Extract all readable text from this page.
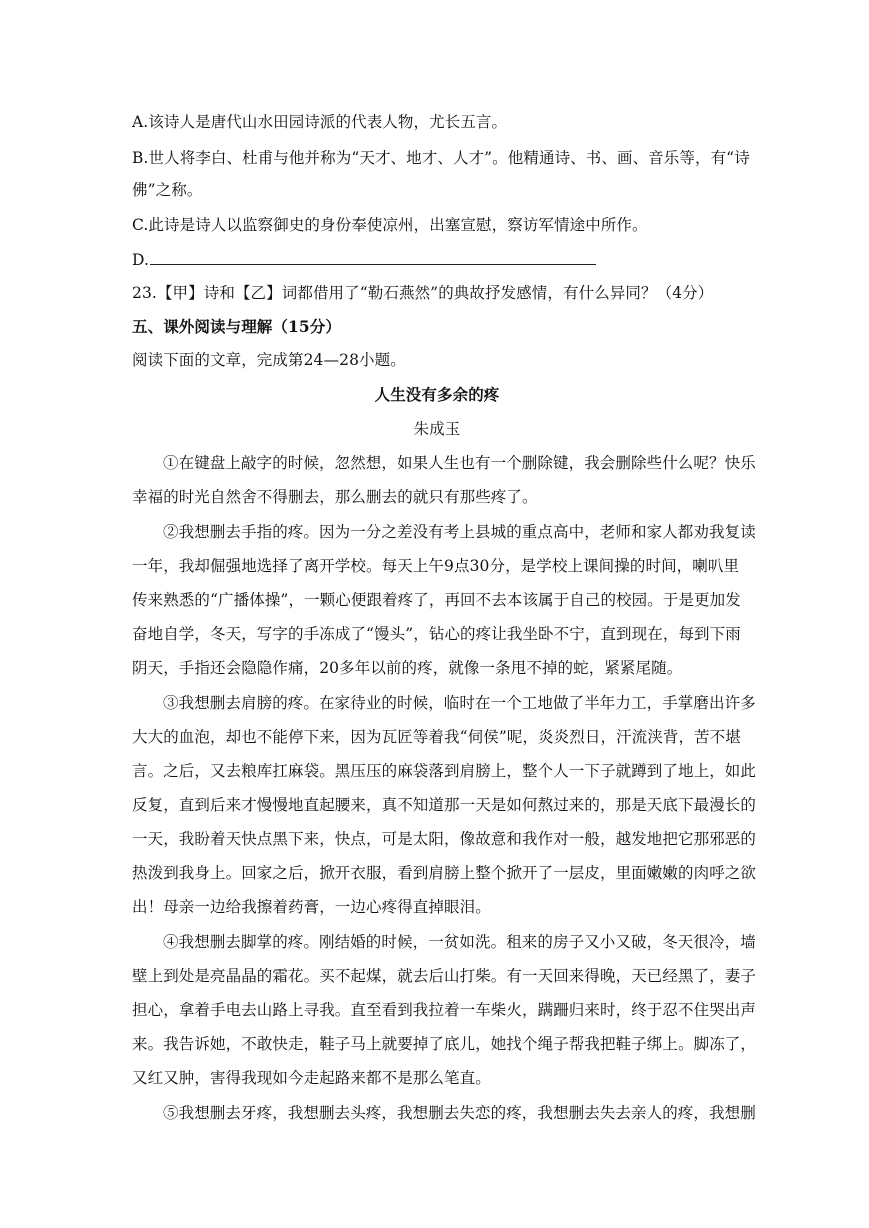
A.该诗人是唐代山水田园诗派的代表人物，尤长五言。
B.世人将李白、杜甫与他并称为“天才、地才、人才”。他精通诗、书、画、音乐等，有“诗
佛”之称。
C.此诗是诗人以监察御史的身份奉使凉州，出塞宣慰，察访军情途中所作。
D.
23.【甲】诗和【乙】词都借用了“勒石燕然”的典故抒发感情，有什么异同？（4分）
五、课外阅读与理解（15分）
阅读下面的文章，完成第24—28小题。
人生没有多余的疼
朱成玉
①在键盘上敲字的时候，忽然想，如果人生也有一个删除键，我会删除些什么呢？快乐
幸福的时光自然舍不得删去，那么删去的就只有那些疼了。
②我想删去手指的疼。因为一分之差没有考上县城的重点高中，老师和家人都劝我复读
一年，我却倔强地选择了离开学校。每天上午9点30分，是学校上课间操的时间，喇叭里
传来熟悉的“广播体操”，一颗心便跟着疼了，再回不去本该属于自己的校园。于是更加发
奋地自学，冬天，写字的手冻成了“馒头”，钻心的疼让我坐卧不宁，直到现在，每到下雨
阴天，手指还会隐隐作痛，20多年以前的疼，就像一条甩不掉的蛇，紧紧尾随。
③我想删去肩膀的疼。在家待业的时候，临时在一个工地做了半年力工，手掌磨出许多
大大的血泡，却也不能停下来，因为瓦匠等着我“伺侯”呢，炎炎烈日，汗流浃背，苦不堪
言。之后，又去粮库扛麻袋。黑压压的麻袋落到肩膀上，整个人一下子就蹲到了地上，如此
反复，直到后来才慢慢地直起腰来，真不知道那一天是如何熬过来的，那是天底下最漫长的
一天，我盼着天快点黑下来，快点，可是太阳，像故意和我作对一般，越发地把它那邪恶的
热泼到我身上。回家之后，掀开衣服，看到肩膀上整个掀开了一层皮，里面嫩嫩的肉呼之欲
出！母亲一边给我擦着药膏，一边心疼得直掉眼泪。
④我想删去脚掌的疼。刚结婚的时候，一贫如洗。租来的房子又小又破，冬天很冷，墙
壁上到处是亮晶晶的霜花。买不起煤，就去后山打柴。有一天回来得晚，天已经黑了，妻子
担心，拿着手电去山路上寻我。直至看到我拉着一车柴火，蹒跚归来时，终于忍不住哭出声
来。我告诉她，不敢快走，鞋子马上就要掉了底儿，她找个绳子帮我把鞋子绑上。脚冻了，
又红又肿，害得我现如今走起路来都不是那么笔直。
⑤我想删去牙疼，我想删去头疼，我想删去失恋的疼，我想删去失去亲人的疼，我想删
